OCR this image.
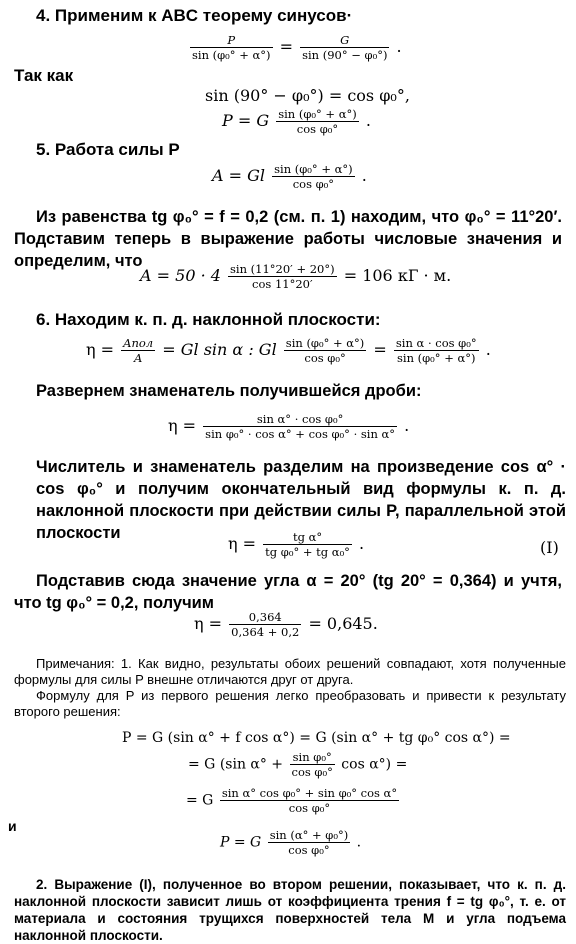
4. Применим к ABC теорему синусов·
$\frac{P}{\text{sin (φ₀° + α°)}} = \frac{G}{\text{sin (90° − φ₀°)}}$ .
Так как
sin (90° − φ₀°) = cos φ₀°,
P = G $\frac{\text{sin (φ₀° + α°)}}{\text{cos φ₀°}}$ .
5. Работа силы P
A = Gl $\frac{\text{sin (φ₀° + α°)}}{\text{cos φ₀°}}$ .
Из равенства tg φ₀° = f = 0,2 (см. п. 1) находим, что φ₀° = 11°20′. Подставим теперь в выражение работы числовые значения и определим, что
$A = 50 \cdot 4 \frac{\sin (11^\circ 20' + 20^\circ)}{\cos 11^\circ 20'} = 106$ кГ · м.
6. Находим к. п. д. наклонной плоскости:
$\eta = \frac{\text{Aпол}}{A} = Gl$ sin α : Gl $\frac{\text{sin (φ₀° + α°)}}{\text{cos φ₀°}} = \frac{\text{sin α · cos φ₀°}}{\text{sin (φ₀° + α°)}}$ .
Развернем знаменатель получившейся дроби:
$\eta = \frac{\text{sin α° · cos φ₀°}}{\text{sin φ₀° · cos α° + cos φ₀° · sin α°}}$ .
Числитель и знаменатель разделим на произведение cos α° · cos φ₀° и получим окончательный вид формулы к. п. д. наклонной плоскости при действии силы P, параллельной этой плоскости
$\eta = \frac{\text{tg α°}}{\text{tg φ₀° + tg α₀°}}$ .	(I)
Подставив сюда значение угла α = 20° (tg 20° = 0,364) и учтя, что tg φ₀° = 0,2, получим
$\eta = \frac{0,364}{0,364 + 0,2} = 0,645$.
Примечания: 1. Как видно, результаты обоих решений совпадают, хотя полученные формулы для силы P внешне отличаются друг от друга.
Формулу для P из первого решения легко преобразовать и привести к результату второго решения:
P = G (sin α° + f cos α°) = G (sin α° + tg φ₀° cos α°) =
= G (sin $\alpha^\circ + \frac{\text{sin φ₀°}}{\text{cos φ₀°}}$ cos α°) =
= G $\frac{\text{sin α° cos φ₀° + sin φ₀° cos α°}}{\text{cos φ₀°}}$
и
P = G $\frac{\text{sin (α° + φ₀°)}}{\text{cos φ₀°}}$ .
2. Выражение (I), полученное во втором решении, показывает, что к. п. д. наклонной плоскости зависит лишь от коэффициента трения f = tg φ₀°, т. е. от материала и состояния трущихся поверхностей тела M и угла подъема наклонной плоскости.
